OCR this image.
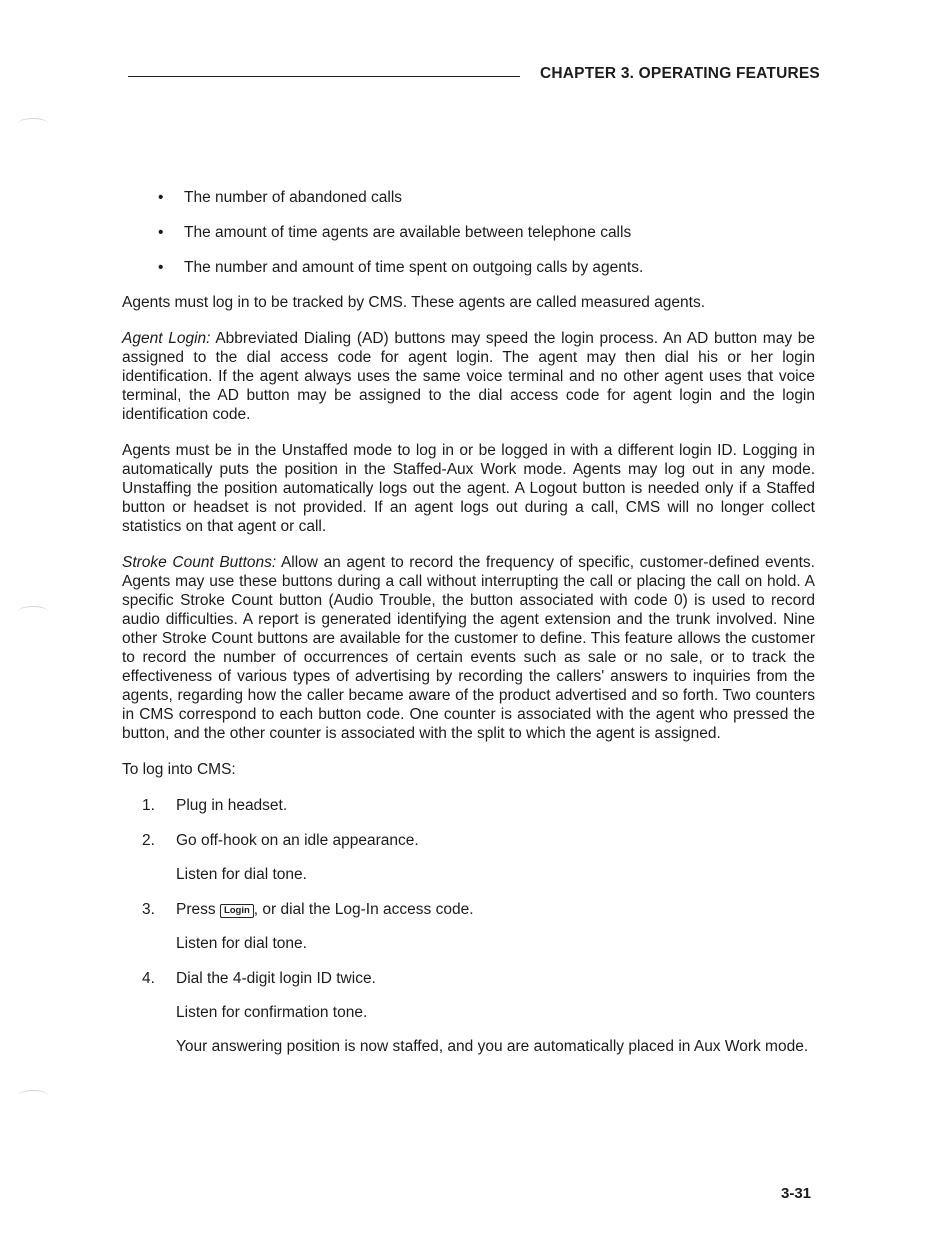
CHAPTER 3. OPERATING FEATURES
• The number of abandoned calls
• The amount of time agents are available between telephone calls
• The number and amount of time spent on outgoing calls by agents.

Agents must log in to be tracked by CMS. These agents are called measured agents.

Agent Login: Abbreviated Dialing (AD) buttons may speed the login process. An AD button may be assigned to the dial access code for agent login. The agent may then dial his or her login identification. If the agent always uses the same voice terminal and no other agent uses that voice terminal, the AD button may be assigned to the dial access code for agent login and the login identification code.

Agents must be in the Unstaffed mode to log in or be logged in with a different login ID. Logging in automatically puts the position in the Staffed-Aux Work mode. Agents may log out in any mode. Unstaffing the position automatically logs out the agent. A Logout button is needed only if a Staffed button or headset is not provided. If an agent logs out during a call, CMS will no longer collect statistics on that agent or call.

Stroke Count Buttons: Allow an agent to record the frequency of specific, customer-defined events. Agents may use these buttons during a call without interrupting the call or placing the call on hold. A specific Stroke Count button (Audio Trouble, the button associated with code 0) is used to record audio difficulties. A report is generated identifying the agent extension and the trunk involved. Nine other Stroke Count buttons are available for the customer to define. This feature allows the customer to record the number of occurrences of certain events such as sale or no sale, or to track the effectiveness of various types of advertising by recording the callers' answers to inquiries from the agents, regarding how the caller became aware of the product advertised and so forth. Two counters in CMS correspond to each button code. One counter is associated with the agent who pressed the button, and the other counter is associated with the split to which the agent is assigned.

To log into CMS:

1. Plug in headset.
2. Go off-hook on an idle appearance.
Listen for dial tone.
3. Press Login , or dial the Log-In access code.
Listen for dial tone.
4. Dial the 4-digit login ID twice.
Listen for confirmation tone.
Your answering position is now staffed, and you are automatically placed in Aux Work mode.
3-31
